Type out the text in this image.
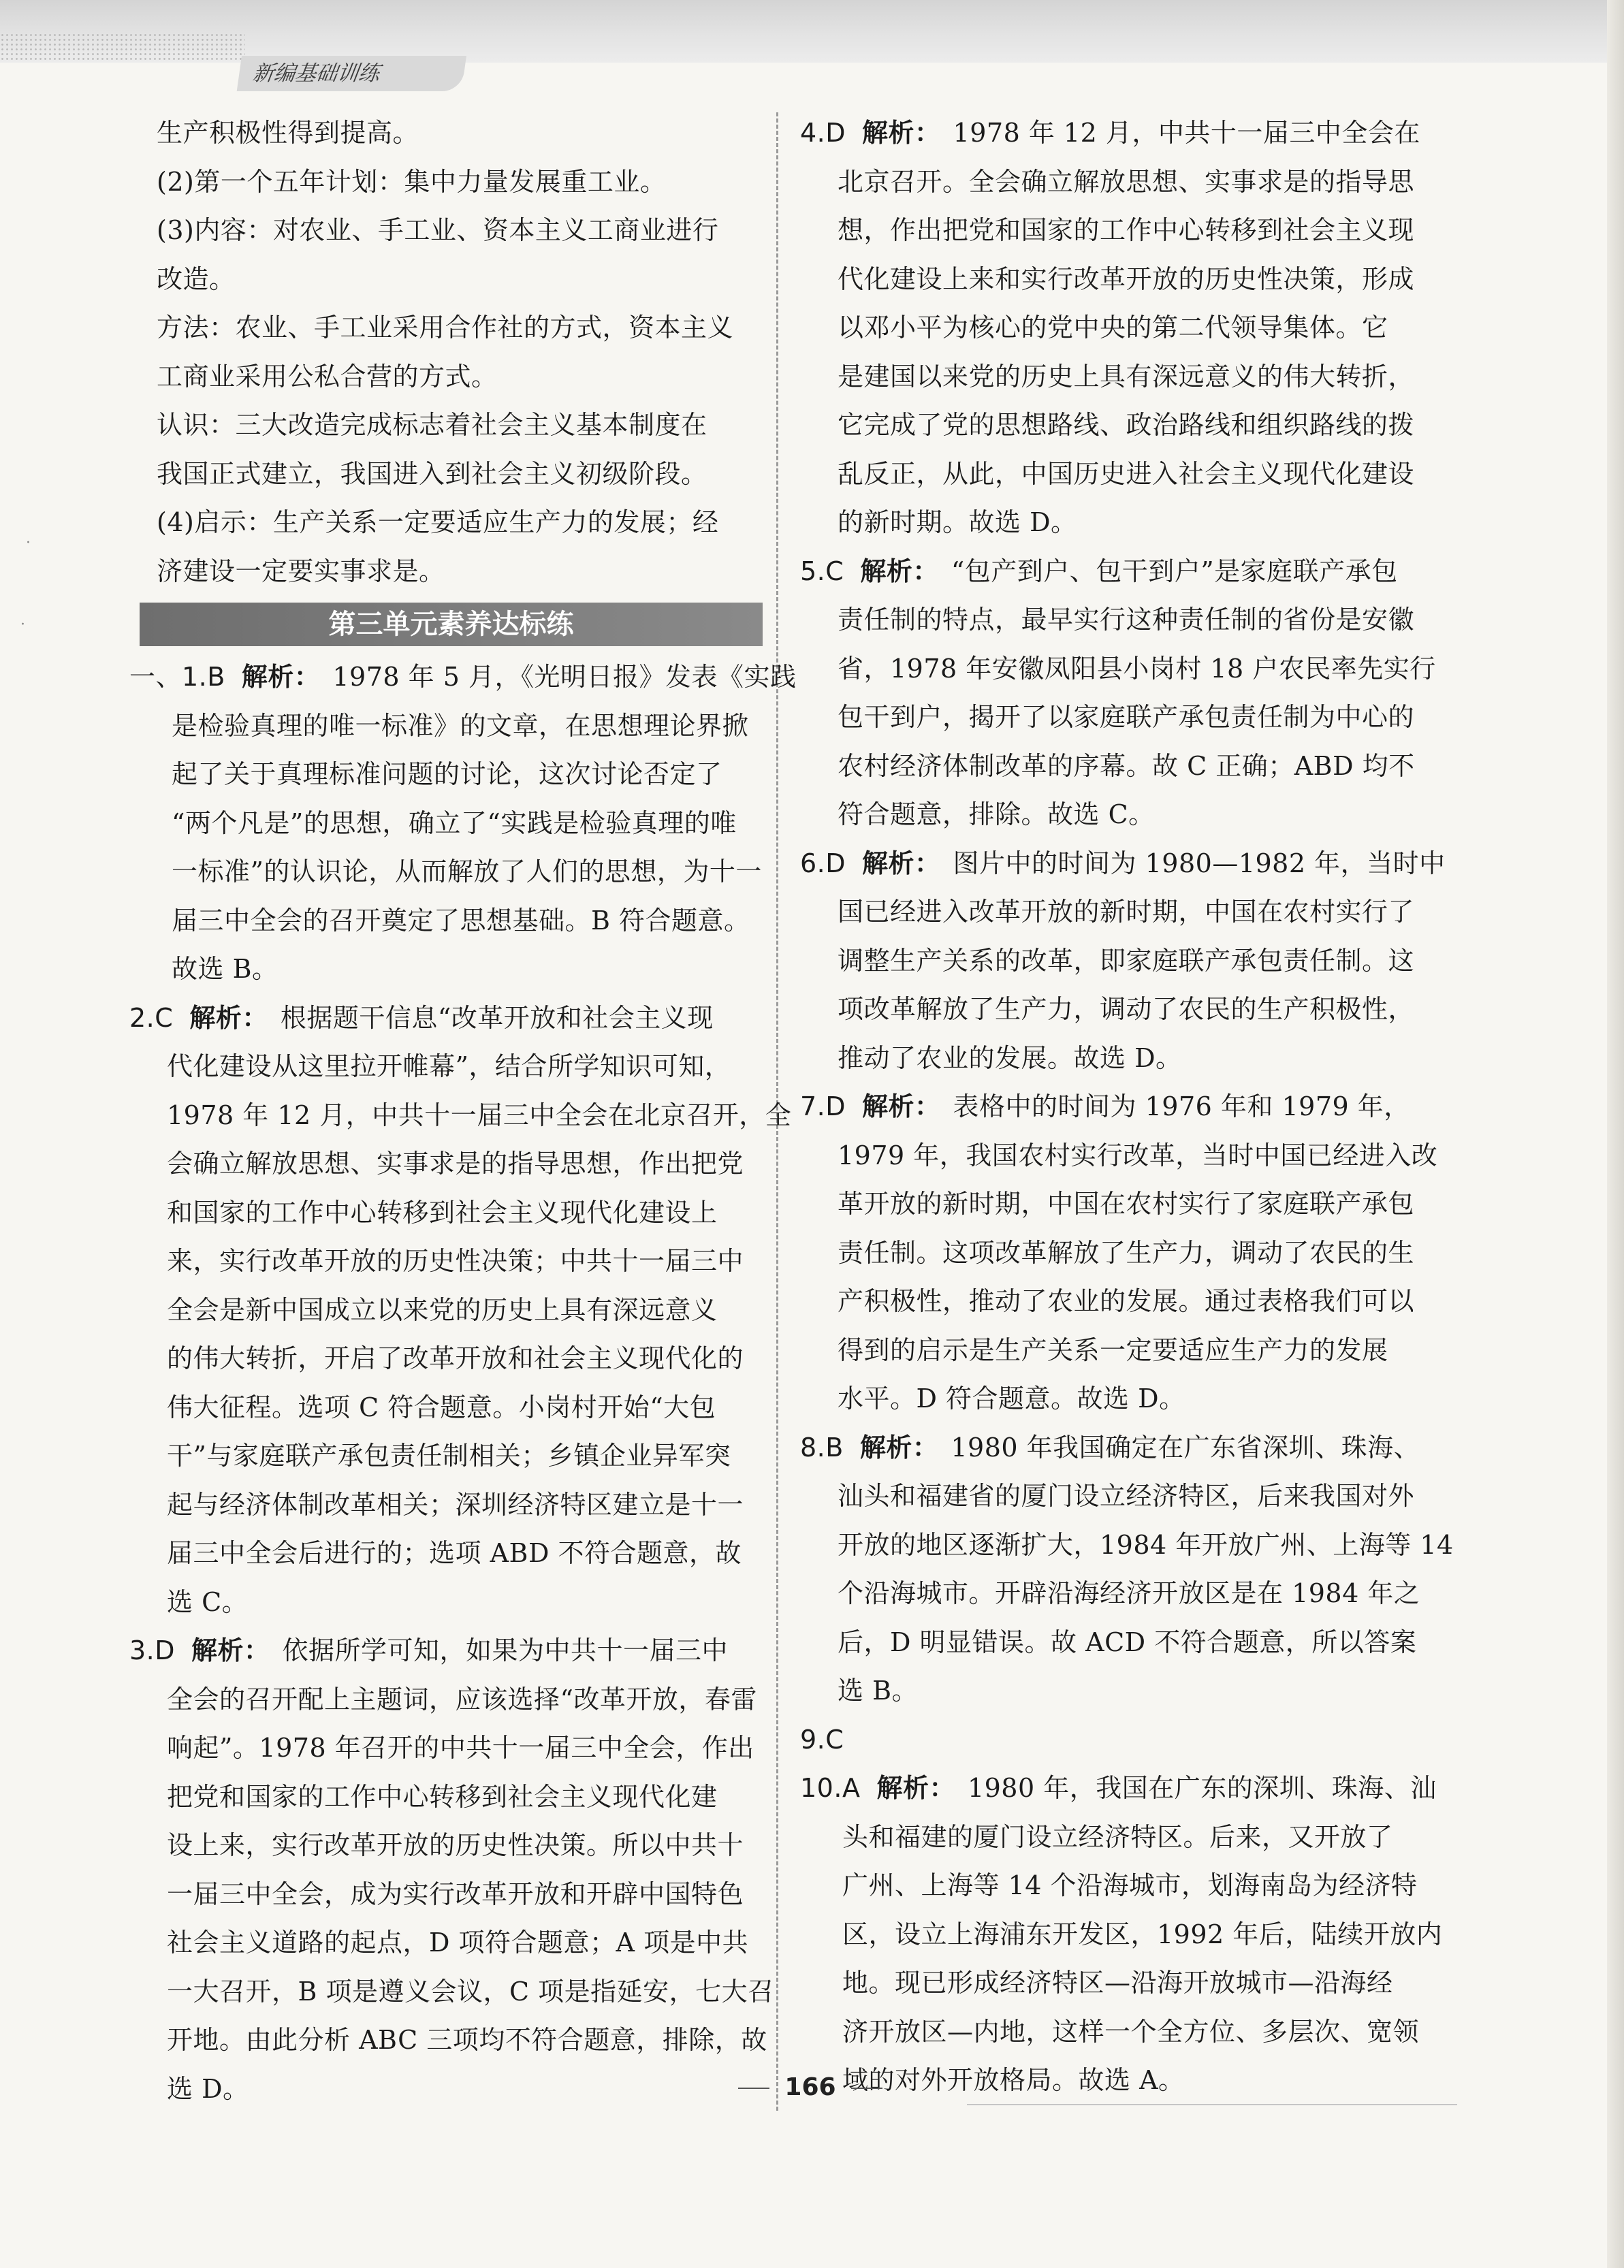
新编基础训练
·
·
生产积极性得到提高。
(2)第一个五年计划：集中力量发展重工业。
(3)内容：对农业、手工业、资本主义工商业进行
改造。
方法：农业、手工业采用合作社的方式，资本主义
工商业采用公私合营的方式。
认识：三大改造完成标志着社会主义基本制度在
我国正式建立，我国进入到社会主义初级阶段。
(4)启示：生产关系一定要适应生产力的发展；经
济建设一定要实事求是。
第三单元素养达标练
一、1.B 解析： 1978 年 5 月，《光明日报》发表《实践
是检验真理的唯一标准》的文章，在思想理论界掀
起了关于真理标准问题的讨论，这次讨论否定了
“两个凡是”的思想，确立了“实践是检验真理的唯
一标准”的认识论，从而解放了人们的思想，为十一
届三中全会的召开奠定了思想基础。B 符合题意。
故选 B。
2.C 解析： 根据题干信息“改革开放和社会主义现
代化建设从这里拉开帷幕”，结合所学知识可知，
1978 年 12 月，中共十一届三中全会在北京召开，全
会确立解放思想、实事求是的指导思想，作出把党
和国家的工作中心转移到社会主义现代化建设上
来，实行改革开放的历史性决策；中共十一届三中
全会是新中国成立以来党的历史上具有深远意义
的伟大转折，开启了改革开放和社会主义现代化的
伟大征程。选项 C 符合题意。小岗村开始“大包
干”与家庭联产承包责任制相关；乡镇企业异军突
起与经济体制改革相关；深圳经济特区建立是十一
届三中全会后进行的；选项 ABD 不符合题意，故
选 C。
3.D 解析： 依据所学可知，如果为中共十一届三中
全会的召开配上主题词，应该选择“改革开放，春雷
响起”。1978 年召开的中共十一届三中全会，作出
把党和国家的工作中心转移到社会主义现代化建
设上来，实行改革开放的历史性决策。所以中共十
一届三中全会，成为实行改革开放和开辟中国特色
社会主义道路的起点，D 项符合题意；A 项是中共
一大召开，B 项是遵义会议，C 项是指延安，七大召
开地。由此分析 ABC 三项均不符合题意，排除，故
选 D。
4.D 解析： 1978 年 12 月，中共十一届三中全会在
北京召开。全会确立解放思想、实事求是的指导思
想，作出把党和国家的工作中心转移到社会主义现
代化建设上来和实行改革开放的历史性决策，形成
以邓小平为核心的党中央的第二代领导集体。它
是建国以来党的历史上具有深远意义的伟大转折，
它完成了党的思想路线、政治路线和组织路线的拨
乱反正，从此，中国历史进入社会主义现代化建设
的新时期。故选 D。
5.C 解析： “包产到户、包干到户”是家庭联产承包
责任制的特点，最早实行这种责任制的省份是安徽
省，1978 年安徽凤阳县小岗村 18 户农民率先实行
包干到户，揭开了以家庭联产承包责任制为中心的
农村经济体制改革的序幕。故 C 正确；ABD 均不
符合题意，排除。故选 C。
6.D 解析： 图片中的时间为 1980—1982 年，当时中
国已经进入改革开放的新时期，中国在农村实行了
调整生产关系的改革，即家庭联产承包责任制。这
项改革解放了生产力，调动了农民的生产积极性，
推动了农业的发展。故选 D。
7.D 解析： 表格中的时间为 1976 年和 1979 年，
1979 年，我国农村实行改革，当时中国已经进入改
革开放的新时期，中国在农村实行了家庭联产承包
责任制。这项改革解放了生产力，调动了农民的生
产积极性，推动了农业的发展。通过表格我们可以
得到的启示是生产关系一定要适应生产力的发展
水平。D 符合题意。故选 D。
8.B 解析： 1980 年我国确定在广东省深圳、珠海、
汕头和福建省的厦门设立经济特区，后来我国对外
开放的地区逐渐扩大，1984 年开放广州、上海等 14
个沿海城市。开辟沿海经济开放区是在 1984 年之
后，D 明显错误。故 ACD 不符合题意，所以答案
选 B。
9.C
10.A 解析： 1980 年，我国在广东的深圳、珠海、汕
头和福建的厦门设立经济特区。后来，又开放了
广州、上海等 14 个沿海城市，划海南岛为经济特
区，设立上海浦东开发区，1992 年后，陆续开放内
地。现已形成经济特区—沿海开放城市—沿海经
济开放区—内地，这样一个全方位、多层次、宽领
域的对外开放格局。故选 A。
166
